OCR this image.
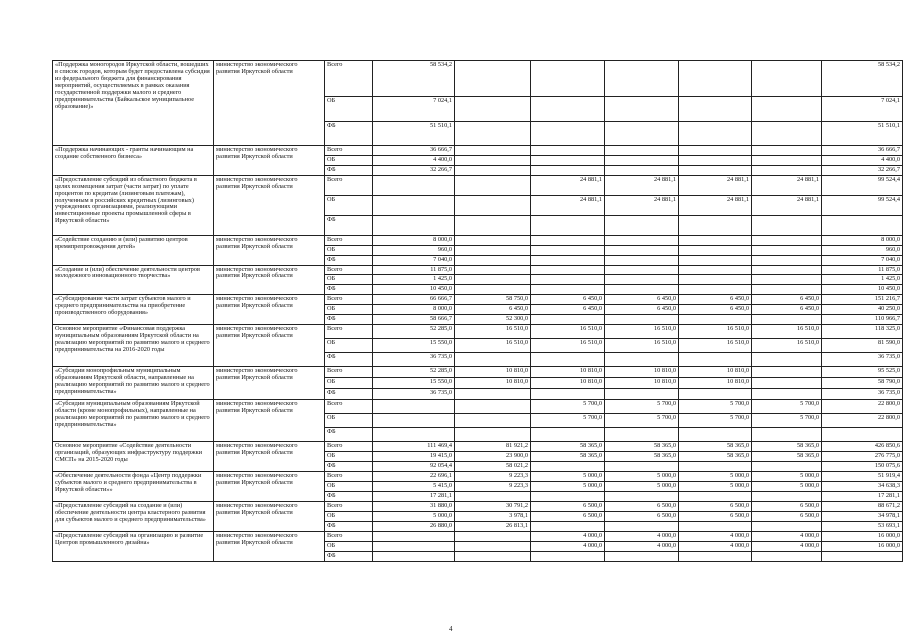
«Поддержка моногородов Иркутской области, вошедших в список городов, которым будет предоставлена субсидия из федерального бюджета для финансирования мероприятий, осуществляемых в рамках оказания государственной поддержки малого и среднего предпринимательства (Байкальское муниципальное образование)»	министерство экономического развития Иркутской области	Всего	58 534,2						58 534,2
		ОБ	7 024,1						7 024,1
		ФБ	51 510,1						51 510,1
«Поддержка начинающих - гранты начинающим на создание собственного бизнеса»	министерство экономического развития Иркутской области	Всего	36 666,7						36 666,7
		ОБ	4 400,0						4 400,0
		ФБ	32 266,7						32 266,7
«Предоставление субсидий из областного бюджета в целях возмещения затрат (части затрат) по уплате процентов по кредитам (лизинговым платежам), полученным в российских кредитных (лизинговых) учреждениях организациями, реализующими инвестиционные проекты промышленной сферы в Иркутской области»	министерство экономического развития Иркутской области	Всего			24 881,1	24 881,1	24 881,1	24 881,1	99 524,4
		ОБ			24 881,1	24 881,1	24 881,1	24 881,1	99 524,4
		ФБ							
«Содействие созданию и (или) развитию центров времяпрепровождения детей»	министерство экономического развития Иркутской области	Всего	8 000,0						8 000,0
		ОБ	960,0						960,0
		ФБ	7 040,0						7 040,0
«Создание и (или) обеспечение деятельности центров молодежного инновационного творчества»	министерство экономического развития Иркутской области	Всего	11 875,0						11 875,0
		ОБ	1 425,0						1 425,0
		ФБ	10 450,0						10 450,0
«Субсидирование части затрат субъектов малого и среднего предпринимательства на приобретение производственного оборудования»	министерство экономического развития Иркутской области	Всего	66 666,7	58 750,0	6 450,0	6 450,0	6 450,0	6 450,0	151 216,7
		ОБ	8 000,0	6 450,0	6 450,0	6 450,0	6 450,0	6 450,0	40 250,0
		ФБ	58 666,7	52 300,0					110 966,7
Основное мероприятие «Финансовая поддержка муниципальным образованиям Иркутской области на реализацию мероприятий по развитию малого и среднего предпринимательства на 2016-2020 годы	министерство экономического развития Иркутской области	Всего	52 285,0	16 510,0	16 510,0	16 510,0	16 510,0	16 510,0	118 325,0
		ОБ	15 550,0	16 510,0	16 510,0	16 510,0	16 510,0	16 510,0	81 590,0
		ФБ	36 735,0						36 735,0
«Субсидии монопрофильным муниципальным образованиям Иркутской области, направленные на реализацию мероприятий по развитию малого и среднего предпринимательства»	министерство экономического развития Иркутской области	Всего	52 285,0	10 810,0	10 810,0	10 810,0	10 810,0		95 525,0
		ОБ	15 550,0	10 810,0	10 810,0	10 810,0	10 810,0		58 790,0
		ФБ	36 735,0						36 735,0
«Субсидии муниципальным образованиям Иркутской области (кроме монопрофильных), направленные на реализацию мероприятий по развитию малого и среднего предпринимательства»	министерство экономического развития Иркутской области	Всего			5 700,0	5 700,0	5 700,0	5 700,0	22 800,0
		ОБ			5 700,0	5 700,0	5 700,0	5 700,0	22 800,0
		ФБ							
Основное мероприятие «Содействие деятельности организаций, образующих инфраструктуру поддержки СМСП» на 2015-2020 годы	министерство экономического развития Иркутской области	Всего	111 469,4	81 921,2	58 365,0	58 365,0	58 365,0	58 365,0	426 850,6
		ОБ	19 415,0	23 900,0	58 365,0	58 365,0	58 365,0	58 365,0	276 775,0
		ФБ	92 054,4	58 021,2					150 075,6
«Обеспечение деятельности фонда «Центр поддержки субъектов малого и среднего предпринимательства в Иркутской области»»	министерство экономического развития Иркутской области	Всего	22 696,1	9 223,3	5 000,0	5 000,0	5 000,0	5 000,0	51 919,4
		ОБ	5 415,0	9 223,3	5 000,0	5 000,0	5 000,0	5 000,0	34 638,3
		ФБ	17 281,1						17 281,1
«Предоставление субсидий на создание и (или) обеспечение деятельности центра кластерного развития для субъектов малого и среднего предпринимательства»	министерство экономического развития Иркутской области	Всего	31 880,0	30 791,2	6 500,0	6 500,0	6 500,0	6 500,0	88 671,2
		ОБ	5 000,0	3 978,1	6 500,0	6 500,0	6 500,0	6 500,0	34 978,1
		ФБ	26 880,0	26 813,1					53 693,1
«Предоставление субсидий на организацию и развитие Центров промышленного дизайна»	министерство экономического развития Иркутской области	Всего			4 000,0	4 000,0	4 000,0	4 000,0	16 000,0
		ОБ			4 000,0	4 000,0	4 000,0	4 000,0	16 000,0
		ФБ							
4
